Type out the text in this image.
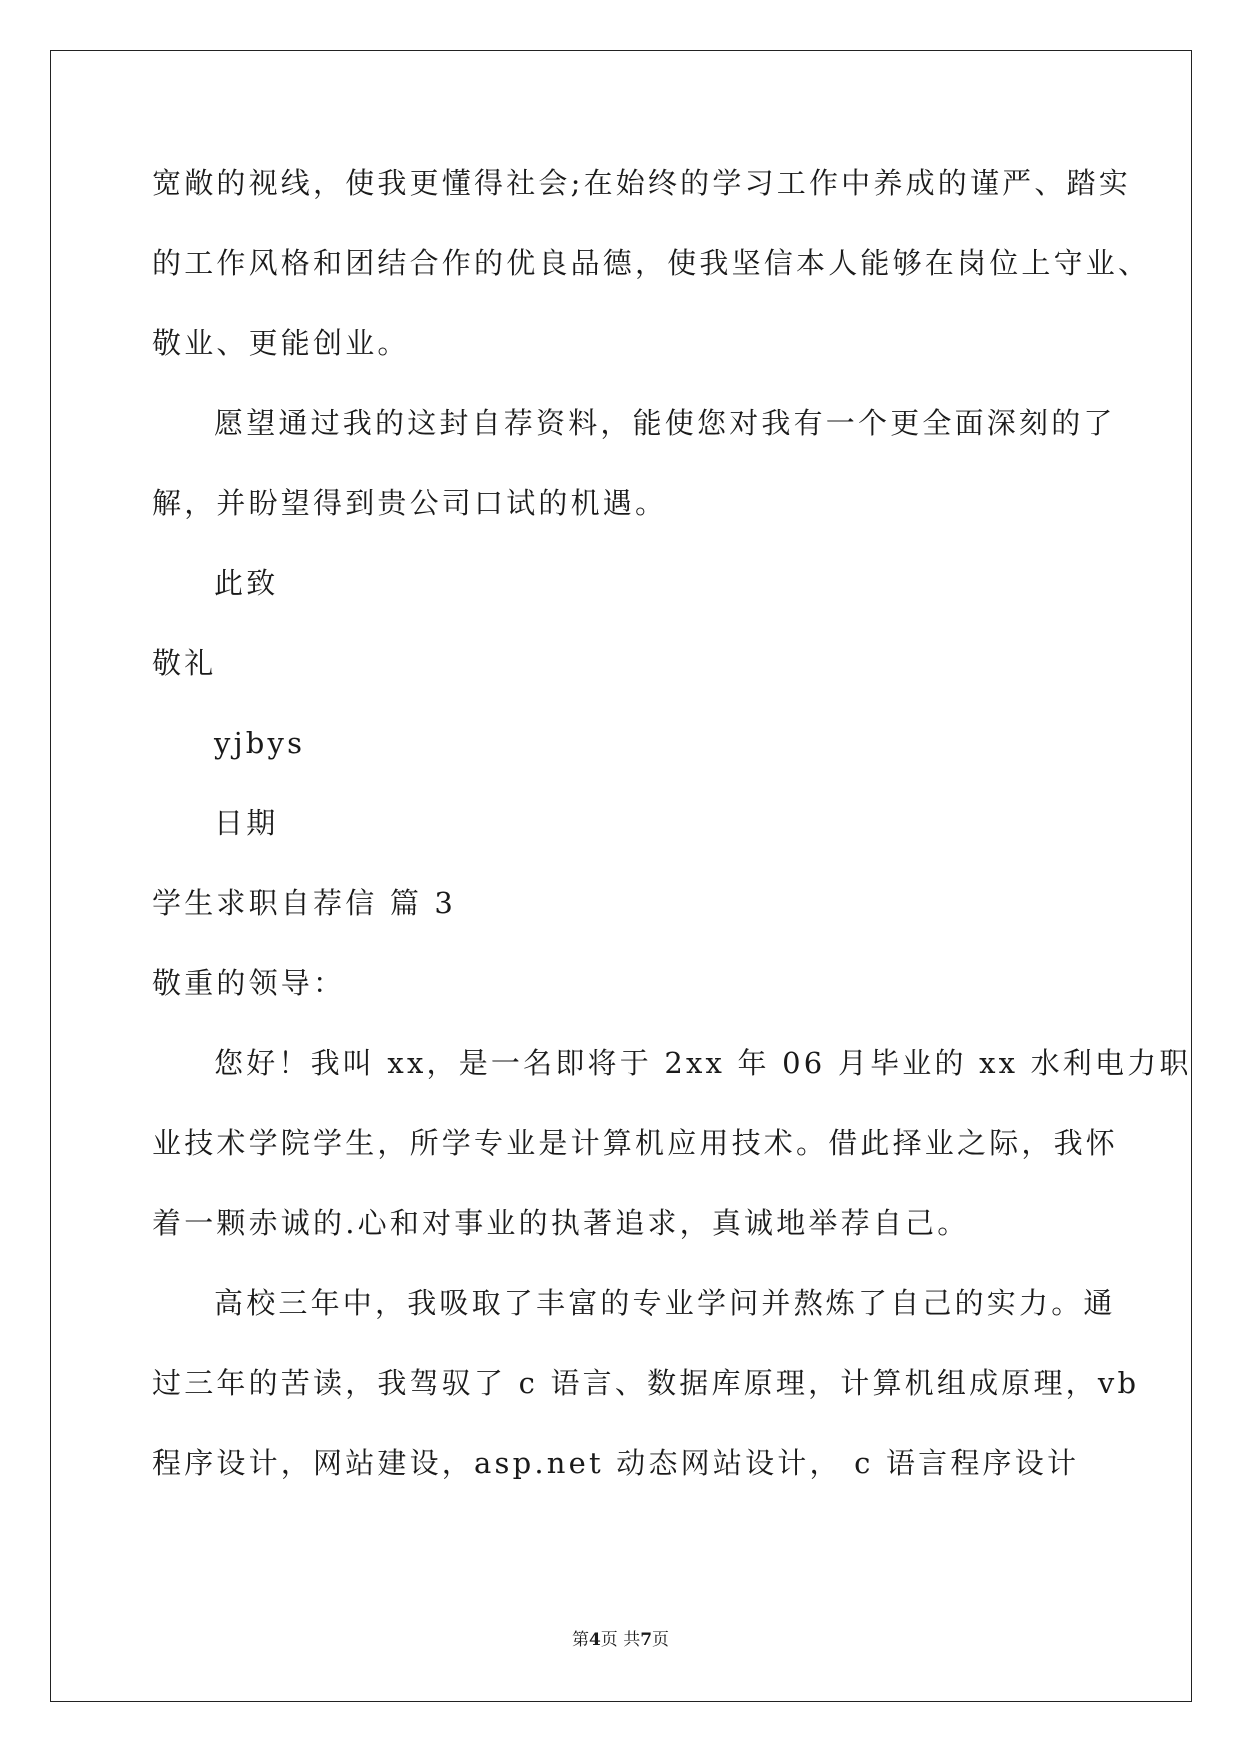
宽敞的视线，使我更懂得社会;在始终的学习工作中养成的谨严、踏实
的工作风格和团结合作的优良品德，使我坚信本人能够在岗位上守业、
敬业、更能创业。
愿望通过我的这封自荐资料，能使您对我有一个更全面深刻的了
解，并盼望得到贵公司口试的机遇。
此致
敬礼
yjbys
日期
学生求职自荐信 篇 3
敬重的领导：
您好！我叫 xx，是一名即将于 2xx 年 06 月毕业的 xx 水利电力职
业技术学院学生，所学专业是计算机应用技术。借此择业之际，我怀
着一颗赤诚的.心和对事业的执著追求，真诚地举荐自己。
高校三年中，我吸取了丰富的专业学问并熬炼了自己的实力。通
过三年的苦读，我驾驭了 c 语言、数据库原理，计算机组成原理，vb
程序设计，网站建设，asp.net 动态网站设计， c 语言程序设计
第4页 共7页
